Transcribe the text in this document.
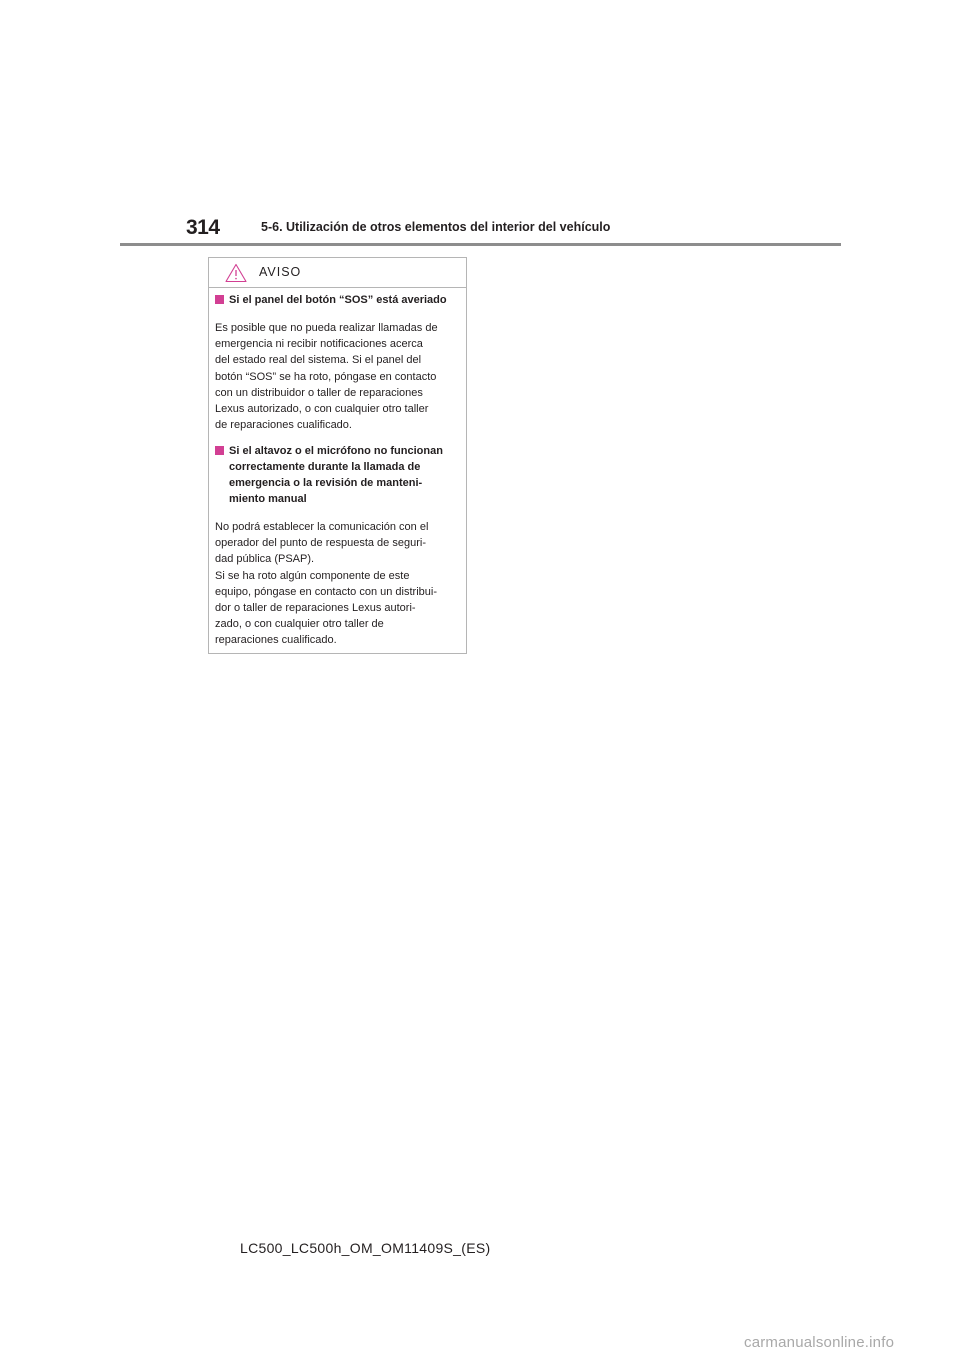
314	5-6. Utilización de otros elementos del interior del vehículo
AVISO
Si el panel del botón “SOS” está averiado
Es posible que no pueda realizar llamadas de
emergencia ni recibir notificaciones acerca
del estado real del sistema. Si el panel del
botón “SOS” se ha roto, póngase en contacto
con un distribuidor o taller de reparaciones
Lexus autorizado, o con cualquier otro taller
de reparaciones cualificado.
Si el altavoz o el micrófono no funcionan
correctamente durante la llamada de
emergencia o la revisión de manteni-
miento manual
No podrá establecer la comunicación con el
operador del punto de respuesta de seguri-
dad pública (PSAP).
Si se ha roto algún componente de este
equipo, póngase en contacto con un distribui-
dor o taller de reparaciones Lexus autori-
zado, o con cualquier otro taller de
reparaciones cualificado.
LC500_LC500h_OM_OM11409S_(ES)
carmanualsonline.info
